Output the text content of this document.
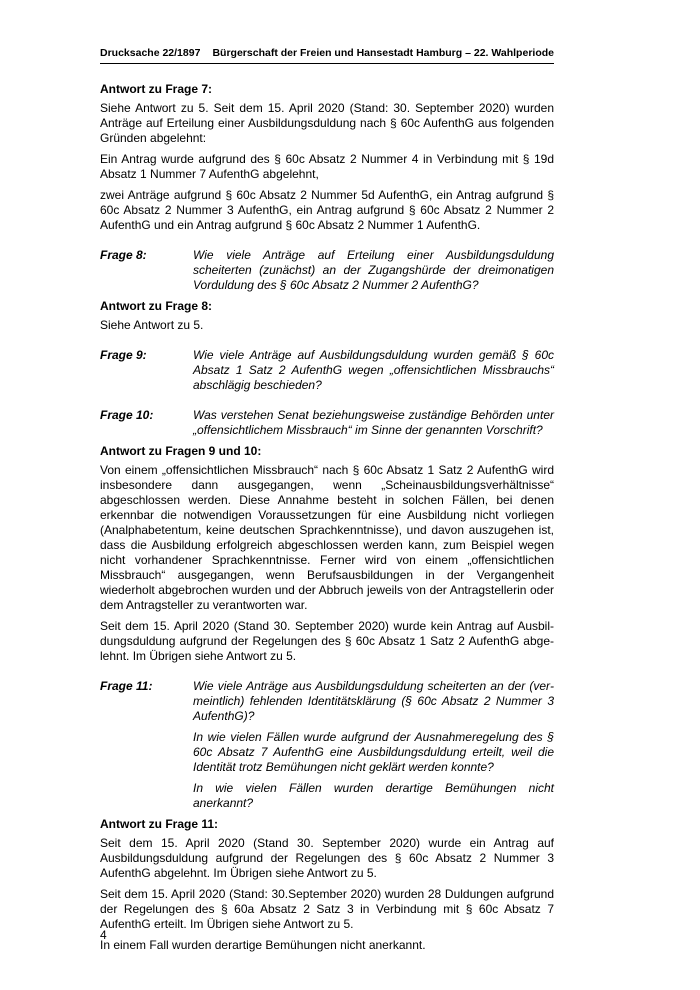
Drucksache 22/1897 Bürgerschaft der Freien und Hansestadt Hamburg – 22. Wahlperiode
Antwort zu Frage 7:

Siehe Antwort zu 5. Seit dem 15. April 2020 (Stand: 30. September 2020) wurden Anträge auf Erteilung einer Ausbildungsduldung nach § 60c AufenthG aus folgenden Gründen abgelehnt:

Ein Antrag wurde aufgrund des § 60c Absatz 2 Nummer 4 in Verbindung mit § 19d Absatz 1 Nummer 7 AufenthG abgelehnt,

zwei Anträge aufgrund § 60c Absatz 2 Nummer 5d AufenthG, ein Antrag aufgrund § 60c Absatz 2 Nummer 3 AufenthG, ein Antrag aufgrund § 60c Absatz 2 Nummer 2 AufenthG und ein Antrag aufgrund § 60c Absatz 2 Nummer 1 AufenthG.

Frage 8:	Wie viele Anträge auf Erteilung einer Ausbildungsduldung scheiterten (zunächst) an der Zugangshürde der dreimonatigen Vorduldung des § 60c Absatz 2 Nummer 2 AufenthG?

Antwort zu Frage 8:

Siehe Antwort zu 5.

Frage 9:	Wie viele Anträge auf Ausbildungsduldung wurden gemäß § 60c Absatz 1 Satz 2 AufenthG wegen „offensichtlichen Missbrauchs“ abschlägig beschieden?

Frage 10:	Was verstehen Senat beziehungsweise zuständige Behörden unter „offensichtlichem Missbrauch“ im Sinne der genannten Vorschrift?

Antwort zu Fragen 9 und 10:

Von einem „offensichtlichen Missbrauch“ nach § 60c Absatz 1 Satz 2 AufenthG wird insbesondere dann ausgegangen, wenn „Scheinausbildungsverhältnisse“ abgeschlossen werden. Diese Annahme besteht in solchen Fällen, bei denen erkennbar die notwendigen Voraussetzungen für eine Ausbildung nicht vorliegen (Analphabetentum, keine deutschen Sprachkenntnisse), und davon auszugehen ist, dass die Ausbildung erfolgreich abgeschlossen werden kann, zum Beispiel wegen nicht vorhandener Sprachkenntnisse. Ferner wird von einem „offensichtlichen Missbrauch“ ausgegangen, wenn Berufsausbildungen in der Vergangenheit wiederholt abgebrochen wurden und der Abbruch jeweils von der Antragstellerin oder dem Antragsteller zu verantworten war.

Seit dem 15. April 2020 (Stand 30. September 2020) wurde kein Antrag auf Ausbildungsduldung aufgrund der Regelungen des § 60c Absatz 1 Satz 2 AufenthG abgelehnt. Im Übrigen siehe Antwort zu 5.

Frage 11:	Wie viele Anträge aus Ausbildungsduldung scheiterten an der (vermeintlich) fehlenden Identitätsklärung (§ 60c Absatz 2 Nummer 3 AufenthG)?

In wie vielen Fällen wurde aufgrund der Ausnahmeregelung des § 60c Absatz 7 AufenthG eine Ausbildungsduldung erteilt, weil die Identität trotz Bemühungen nicht geklärt werden konnte?

In wie vielen Fällen wurden derartige Bemühungen nicht anerkannt?

Antwort zu Frage 11:

Seit dem 15. April 2020 (Stand 30. September 2020) wurde ein Antrag auf Ausbildungsduldung aufgrund der Regelungen des § 60c Absatz 2 Nummer 3 AufenthG abgelehnt. Im Übrigen siehe Antwort zu 5.

Seit dem 15. April 2020 (Stand: 30.September 2020) wurden 28 Duldungen aufgrund der Regelungen des § 60a Absatz 2 Satz 3 in Verbindung mit § 60c Absatz 7 AufenthG erteilt. Im Übrigen siehe Antwort zu 5.

In einem Fall wurden derartige Bemühungen nicht anerkannt.

4
